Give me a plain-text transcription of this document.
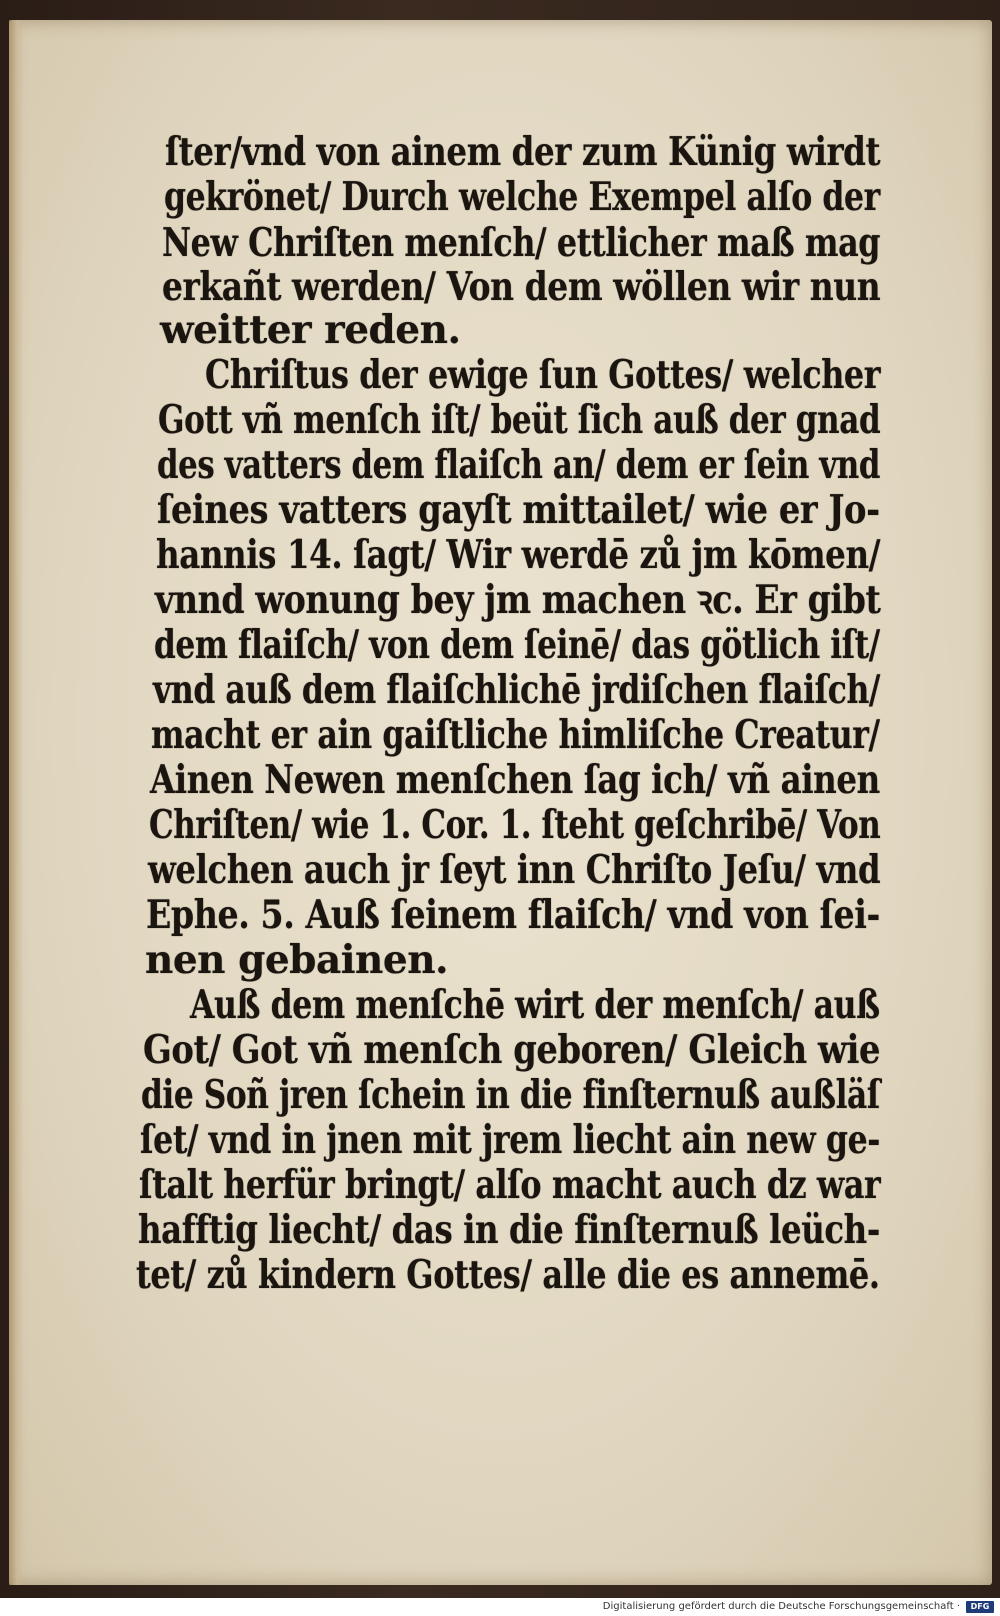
ſter/vnd von ainem der zum Künig wirdt

gekrönet/ Durch welche Exempel alſo der

New Chriſten menſch/ ettlicher maß mag

erkañt werden/ Von dem wöllen wir nun

weitter reden.

Chriſtus der ewige ſun Gottes/ welcher

Gott vñ menſch iſt/ beüt ſich auß der gnad

des vatters dem flaiſch an/ dem er ſein vnd

ſeines vatters gayſt mittailet/ wie er Jo-

hannis 14. ſagt/ Wir werdē zů jm kōmen/

vnnd wonung bey jm machen ꝛc. Er gibt

dem flaiſch/ von dem ſeinē/ das götlich iſt/

vnd auß dem flaiſchlichē jrdiſchen flaiſch/

macht er ain gaiſtliche himliſche Creatur/

Ainen Newen menſchen ſag ich/ vñ ainen

Chriſten/ wie 1. Cor. 1. ſteht geſchribē/ Von

welchen auch jr ſeyt inn Chriſto Jeſu/ vnd

Ephe. 5. Auß ſeinem flaiſch/ vnd von ſei-

nen gebainen.

Auß dem menſchē wirt der menſch/ auß

Got/ Got vñ menſch geboren/ Gleich wie

die Soñ jren ſchein in die finſternuß außläſ

ſet/ vnd in jnen mit jrem liecht ain new ge-

ſtalt herfür bringt/ alſo macht auch dz war

hafftig liecht/ das in die finſternuß leüch-

tet/ zů kindern Gottes/ alle die es annemē.

Digitalisierung gefördert durch die Deutsche Forschungsgemeinschaft ·	DFG
